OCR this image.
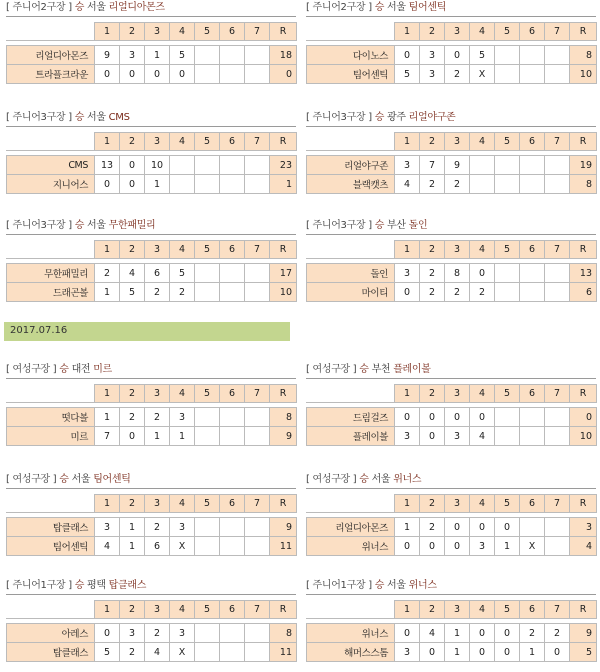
[ 주니어2구장 ] 승 서울 리얼디아몬즈
	1	2	3	4	5	6	7	R

리얼디아몬즈	9	3	1	5				18
트라플크라운	0	0	0	0				0
[ 주니어2구장 ] 승 서울 팀어센틱
	1	2	3	4	5	6	7	R

다이노스	0	3	0	5				8
팀어센틱	5	3	2	X				10
[ 주니어3구장 ] 승 서울 CMS
	1	2	3	4	5	6	7	R

CMS	13	0	10					23
지니어스	0	0	1					1
[ 주니어3구장 ] 승 광주 리얼야구존
	1	2	3	4	5	6	7	R

리얼야구존	3	7	9					19
블랙캣츠	4	2	2					8
[ 주니어3구장 ] 승 서울 무한패밀리
	1	2	3	4	5	6	7	R

무한패밀리	2	4	6	5				17
드래곤볼	1	5	2	2				10
[ 주니어3구장 ] 승 부산 돌인
	1	2	3	4	5	6	7	R

돌인	3	2	8	0				13
마이티	0	2	2	2				6
[ 여성구장 ] 승 대전 미르
	1	2	3	4	5	6	7	R

떳다볼	1	2	2	3				8
미르	7	0	1	1				9
[ 여성구장 ] 승 부천 플레이볼
	1	2	3	4	5	6	7	R

드림걸즈	0	0	0	0				0
플레이볼	3	0	3	4				10
[ 여성구장 ] 승 서울 팀어센틱
	1	2	3	4	5	6	7	R

탑클래스	3	1	2	3				9
팀어센틱	4	1	6	X				11
[ 여성구장 ] 승 서울 위너스
	1	2	3	4	5	6	7	R

리얼디아몬즈	1	2	0	0	0			3
위너스	0	0	0	3	1	X		4
[ 주니어1구장 ] 승 평택 탑클래스
	1	2	3	4	5	6	7	R

아레스	0	3	2	3				8
탑클래스	5	2	4	X				11
[ 주니어1구장 ] 승 서울 위너스
	1	2	3	4	5	6	7	R

위너스	0	4	1	0	0	2	2	9
해머스스톰	3	0	1	0	0	1	0	5
2017.07.16
